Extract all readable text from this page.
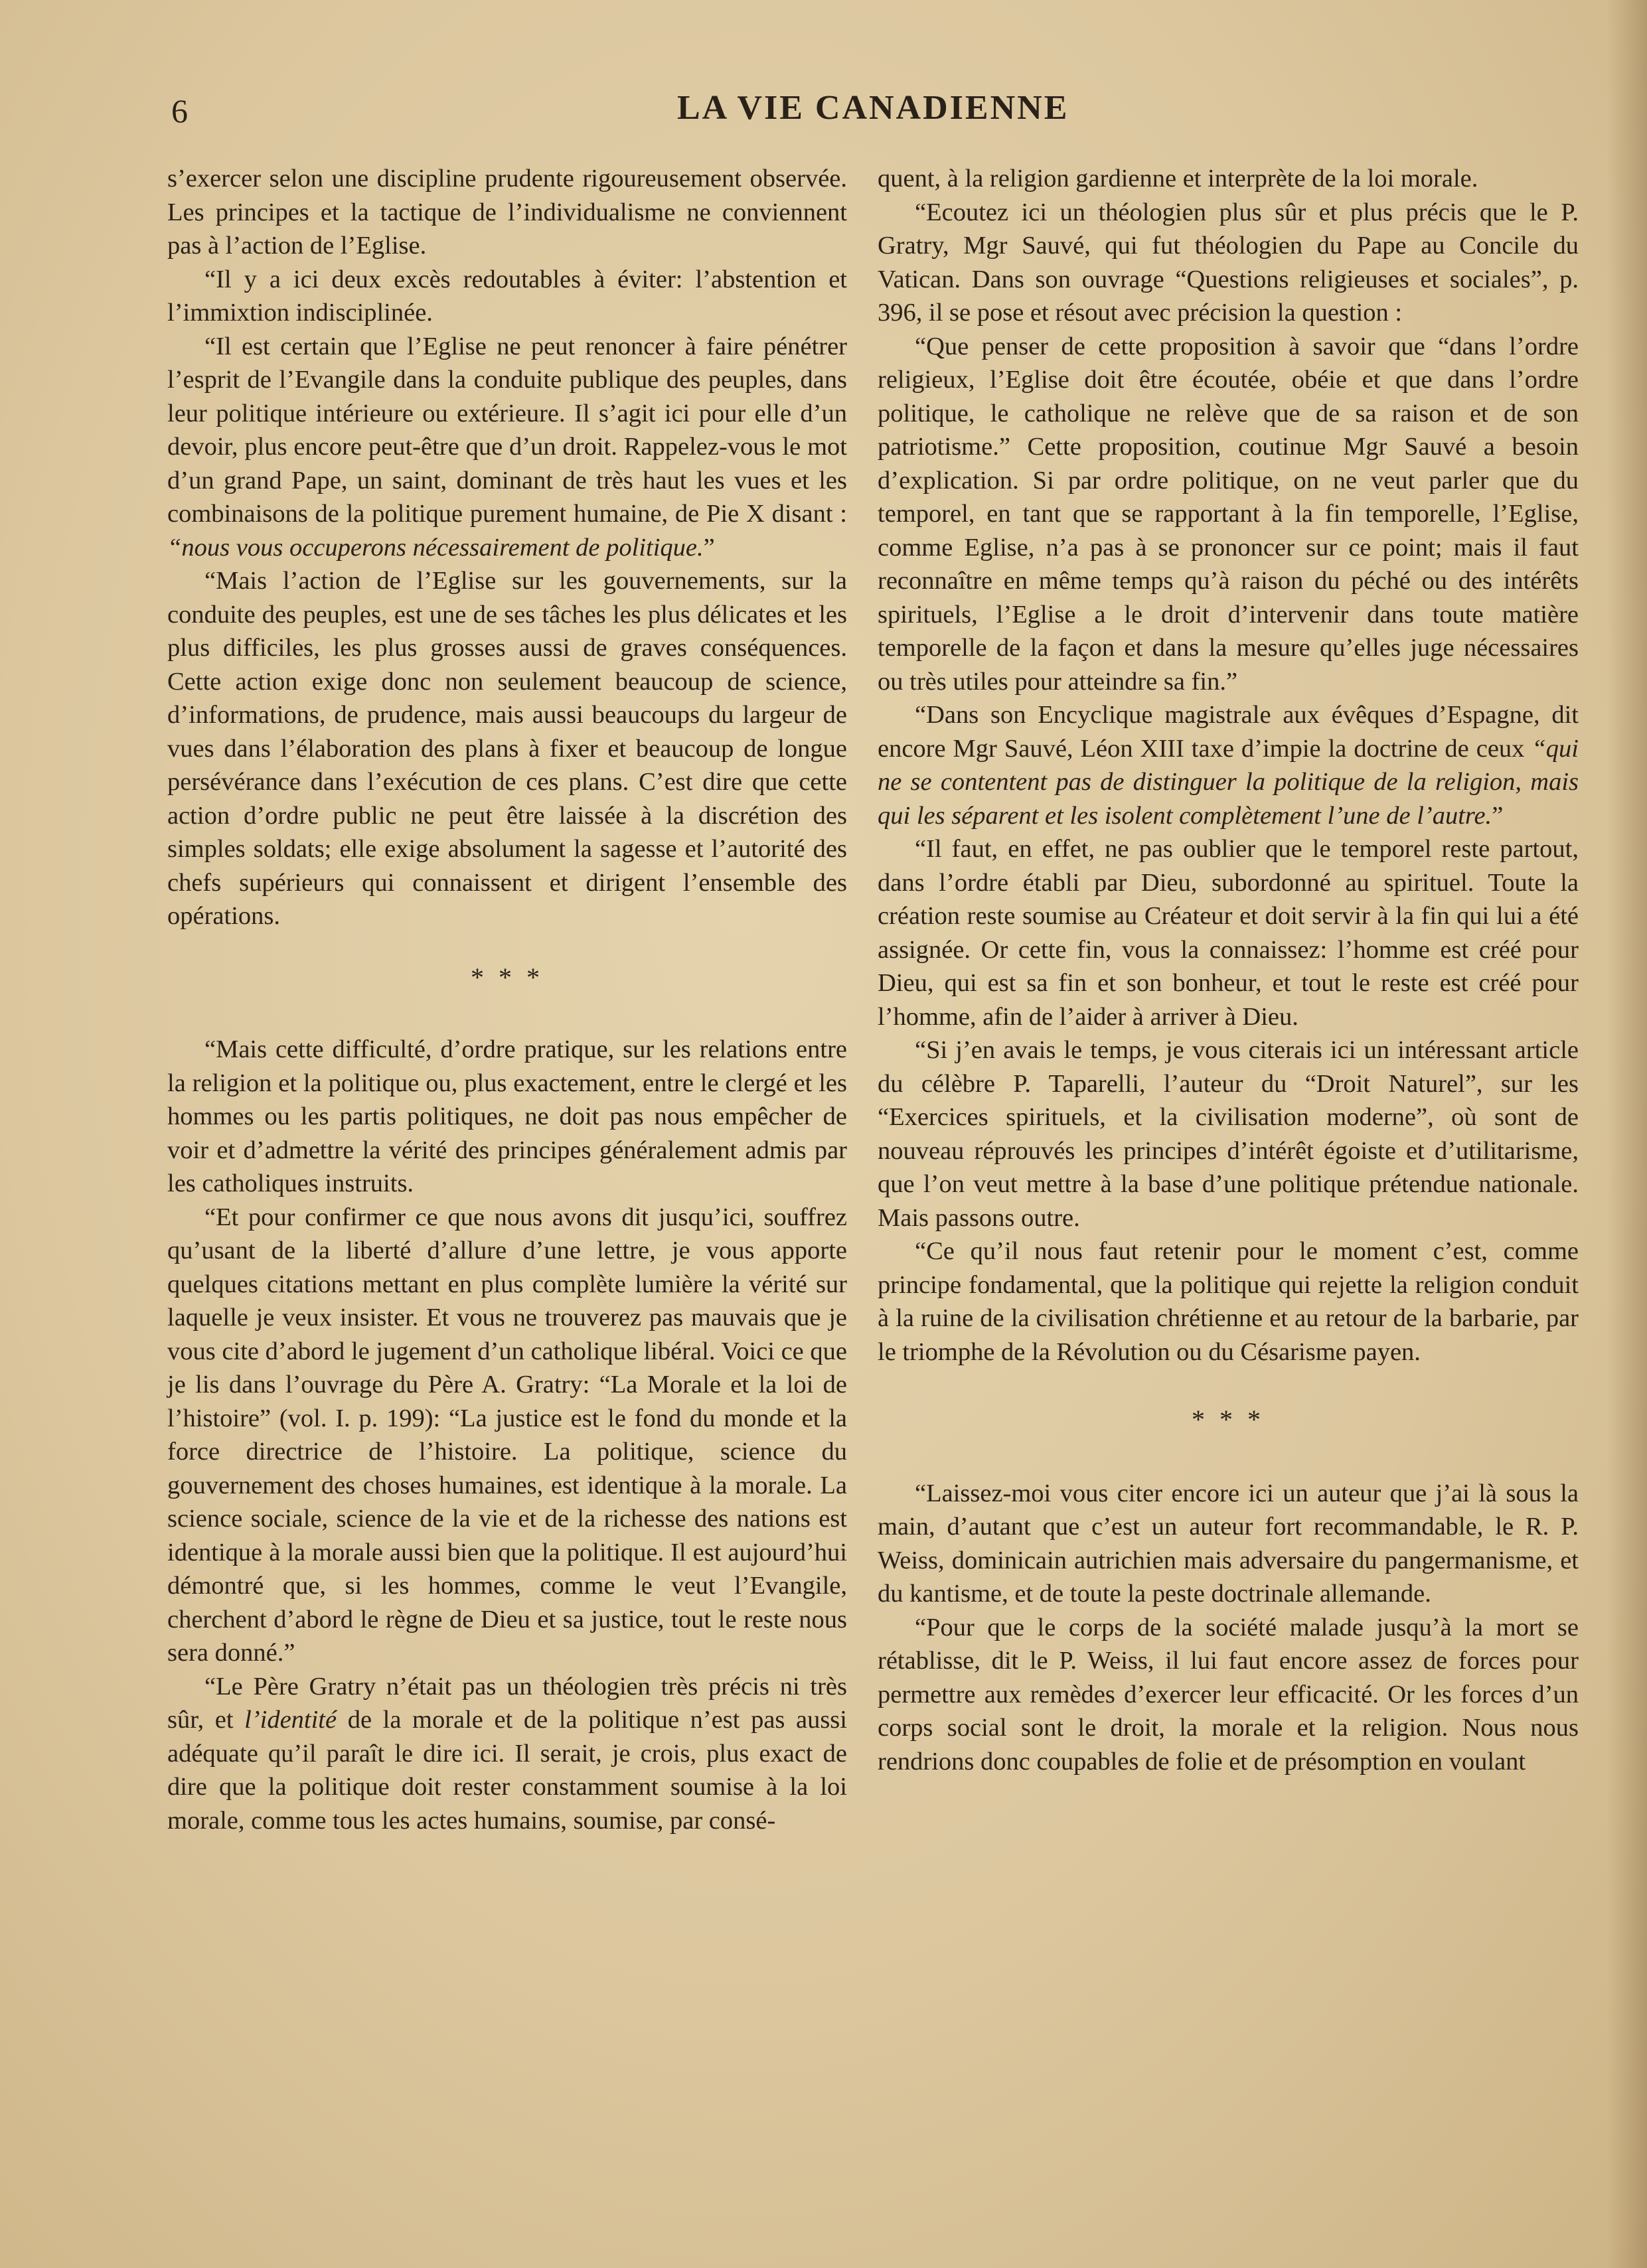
6	LA VIE CANADIENNE

s’exercer selon une discipline prudente rigoureusement observée. Les principes et la tactique de l’individualisme ne conviennent pas à l’action de l’Eglise.

“Il y a ici deux excès redoutables à éviter: l’abstention et l’immixtion indisciplinée.

“Il est certain que l’Eglise ne peut renoncer à faire pénétrer l’esprit de l’Evangile dans la conduite publique des peuples, dans leur politique intérieure ou extérieure. Il s’agit ici pour elle d’un devoir, plus encore peut-être que d’un droit. Rappelez-vous le mot d’un grand Pape, un saint, dominant de très haut les vues et les combinaisons de la politique purement humaine, de Pie X disant : “nous vous occuperons nécessairement de politique.”

“Mais l’action de l’Eglise sur les gouvernements, sur la conduite des peuples, est une de ses tâches les plus délicates et les plus difficiles, les plus grosses aussi de graves conséquences. Cette action exige donc non seulement beaucoup de science, d’informations, de prudence, mais aussi beaucoups du largeur de vues dans l’élaboration des plans à fixer et beaucoup de longue persévérance dans l’exécution de ces plans. C’est dire que cette action d’ordre public ne peut être laissée à la discrétion des simples soldats; elle exige absolument la sagesse et l’autorité des chefs supérieurs qui connaissent et dirigent l’ensemble des opérations.

* * *

“Mais cette difficulté, d’ordre pratique, sur les relations entre la religion et la politique ou, plus exactement, entre le clergé et les hommes ou les partis politiques, ne doit pas nous empêcher de voir et d’admettre la vérité des principes généralement admis par les catholiques instruits.

“Et pour confirmer ce que nous avons dit jusqu’ici, souffrez qu’usant de la liberté d’allure d’une lettre, je vous apporte quelques citations mettant en plus complète lumière la vérité sur laquelle je veux insister. Et vous ne trouverez pas mauvais que je vous cite d’abord le jugement d’un catholique libéral. Voici ce que je lis dans l’ouvrage du Père A. Gratry: “La Morale et la loi de l’histoire” (vol. I. p. 199): “La justice est le fond du monde et la force directrice de l’histoire. La politique, science du gouvernement des choses humaines, est identique à la morale. La science sociale, science de la vie et de la richesse des nations est identique à la morale aussi bien que la politique. Il est aujourd’hui démontré que, si les hommes, comme le veut l’Evangile, cherchent d’abord le règne de Dieu et sa justice, tout le reste nous sera donné.”

“Le Père Gratry n’était pas un théologien très précis ni très sûr, et l’identité de la morale et de la politique n’est pas aussi adéquate qu’il paraît le dire ici. Il serait, je crois, plus exact de dire que la politique doit rester constamment soumise à la loi morale, comme tous les actes humains, soumise, par consé-

quent, à la religion gardienne et interprète de la loi morale.

“Ecoutez ici un théologien plus sûr et plus précis que le P. Gratry, Mgr Sauvé, qui fut théologien du Pape au Concile du Vatican. Dans son ouvrage “Questions religieuses et sociales”, p. 396, il se pose et résout avec précision la question :

“Que penser de cette proposition à savoir que “dans l’ordre religieux, l’Eglise doit être écoutée, obéie et que dans l’ordre politique, le catholique ne relève que de sa raison et de son patriotisme.” Cette proposition, coutinue Mgr Sauvé a besoin d’explication. Si par ordre politique, on ne veut parler que du temporel, en tant que se rapportant à la fin temporelle, l’Eglise, comme Eglise, n’a pas à se prononcer sur ce point; mais il faut reconnaître en même temps qu’à raison du péché ou des intérêts spirituels, l’Eglise a le droit d’intervenir dans toute matière temporelle de la façon et dans la mesure qu’elles juge nécessaires ou très utiles pour atteindre sa fin.”

“Dans son Encyclique magistrale aux évêques d’Espagne, dit encore Mgr Sauvé, Léon XIII taxe d’impie la doctrine de ceux “qui ne se contentent pas de distinguer la politique de la religion, mais qui les séparent et les isolent complètement l’une de l’autre.”

“Il faut, en effet, ne pas oublier que le temporel reste partout, dans l’ordre établi par Dieu, subordonné au spirituel. Toute la création reste soumise au Créateur et doit servir à la fin qui lui a été assignée. Or cette fin, vous la connaissez: l’homme est créé pour Dieu, qui est sa fin et son bonheur, et tout le reste est créé pour l’homme, afin de l’aider à arriver à Dieu.

“Si j’en avais le temps, je vous citerais ici un intéressant article du célèbre P. Taparelli, l’auteur du “Droit Naturel”, sur les “Exercices spirituels, et la civilisation moderne”, où sont de nouveau réprouvés les principes d’intérêt égoiste et d’utilitarisme, que l’on veut mettre à la base d’une politique prétendue nationale. Mais passons outre.

“Ce qu’il nous faut retenir pour le moment c’est, comme principe fondamental, que la politique qui rejette la religion conduit à la ruine de la civilisation chrétienne et au retour de la barbarie, par le triomphe de la Révolution ou du Césarisme payen.

* * *

“Laissez-moi vous citer encore ici un auteur que j’ai là sous la main, d’autant que c’est un auteur fort recommandable, le R. P. Weiss, dominicain autrichien mais adversaire du pangermanisme, et du kantisme, et de toute la peste doctrinale allemande.

“Pour que le corps de la société malade jusqu’à la mort se rétablisse, dit le P. Weiss, il lui faut encore assez de forces pour permettre aux remèdes d’exercer leur efficacité. Or les forces d’un corps social sont le droit, la morale et la religion. Nous nous rendrions donc coupables de folie et de présomption en voulant
